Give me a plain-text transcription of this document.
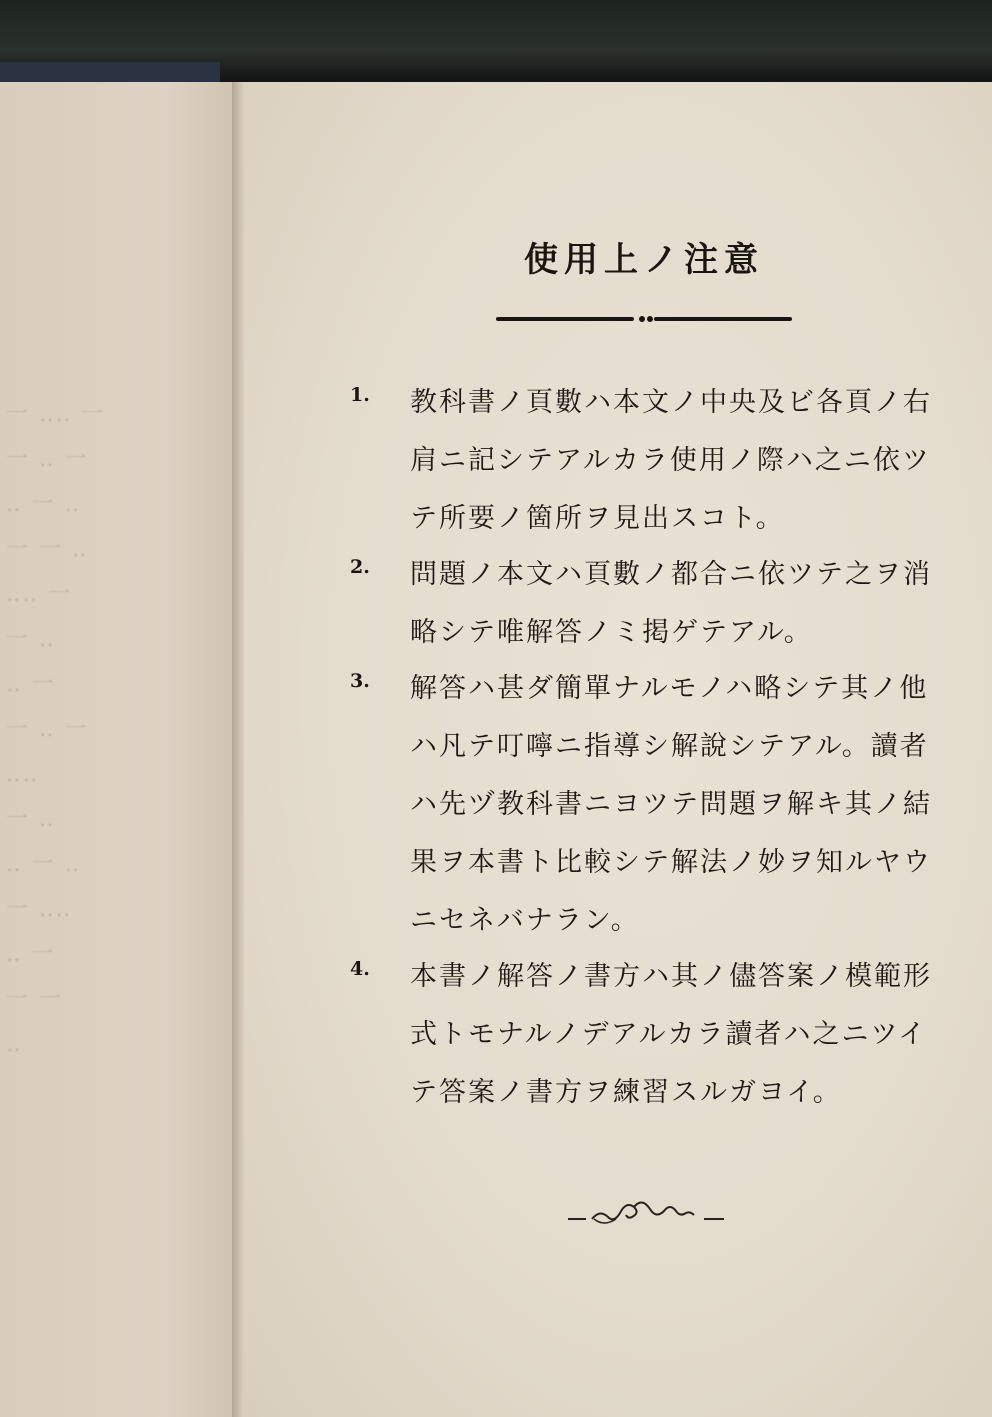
一 ‥‥ 一
一 ‥ 一
‥ 一 ‥
一 一 ‥
‥‥ 一
一 ‥
‥ 一
一 ‥ 一
‥‥
一 ‥
‥ 一 ‥
一 ‥‥
‥ 一
一 一
‥
使用上ノ注意
1.	教科書ノ頁數ハ本文ノ中央及ビ各頁ノ右
肩ニ記シテアルカラ使用ノ際ハ之ニ依ツ
テ所要ノ箇所ヲ見出スコト。
2.	問題ノ本文ハ頁數ノ都合ニ依ツテ之ヲ消
略シテ唯解答ノミ掲ゲテアル。
3.	解答ハ甚ダ簡單ナルモノハ略シテ其ノ他
ハ凡テ叮嚀ニ指導シ解說シテアル。讀者
ハ先ヅ教科書ニヨツテ問題ヲ解キ其ノ結
果ヲ本書ト比較シテ解法ノ妙ヲ知ルヤウ
ニセネバナラン。
4.	本書ノ解答ノ書方ハ其ノ儘答案ノ模範形
式トモナルノデアルカラ讀者ハ之ニツイ
テ答案ノ書方ヲ練習スルガヨイ。
